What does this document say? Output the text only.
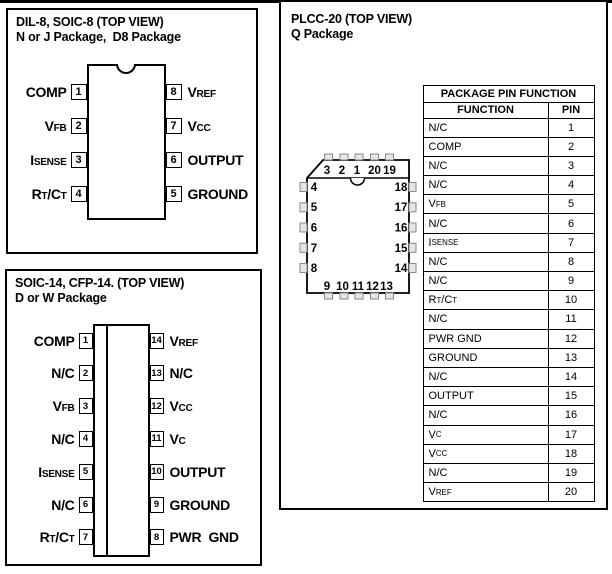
DIL-8, SOIC-8 (TOP VIEW)
N or J Package,  D8 Package
COMP 1
VFB 2
ISENSE 3
RT/CT 4
8 VREF
7 VCC
6 OUTPUT
5 GROUND
SOIC-14, CFP-14. (TOP VIEW)
D or W Package
COMP 1
N/C 2
VFB 3
N/C 4
ISENSE 5
N/C 6
RT/CT 7
14 VREF
13 N/C
12 VCC
11 VC
10 OUTPUT
9 GROUND
8 PWR  GND
PLCC-20 (TOP VIEW)
Q Package
3 2 1 20 19
4
5
6
7
8
18
17
16
15
14
9 10 11 12 13
PACKAGE PIN FUNCTION
FUNCTION	PIN
N/C	1
COMP	2
N/C	3
N/C	4
V FB	5
N/C	6
I SENSE	7
N/C	8
N/C	9
R T /C T	10
N/C	11
PWR GND	12
GROUND	13
N/C	14
OUTPUT	15
N/C	16
V C	17
V CC	18
N/C	19
V REF	20
